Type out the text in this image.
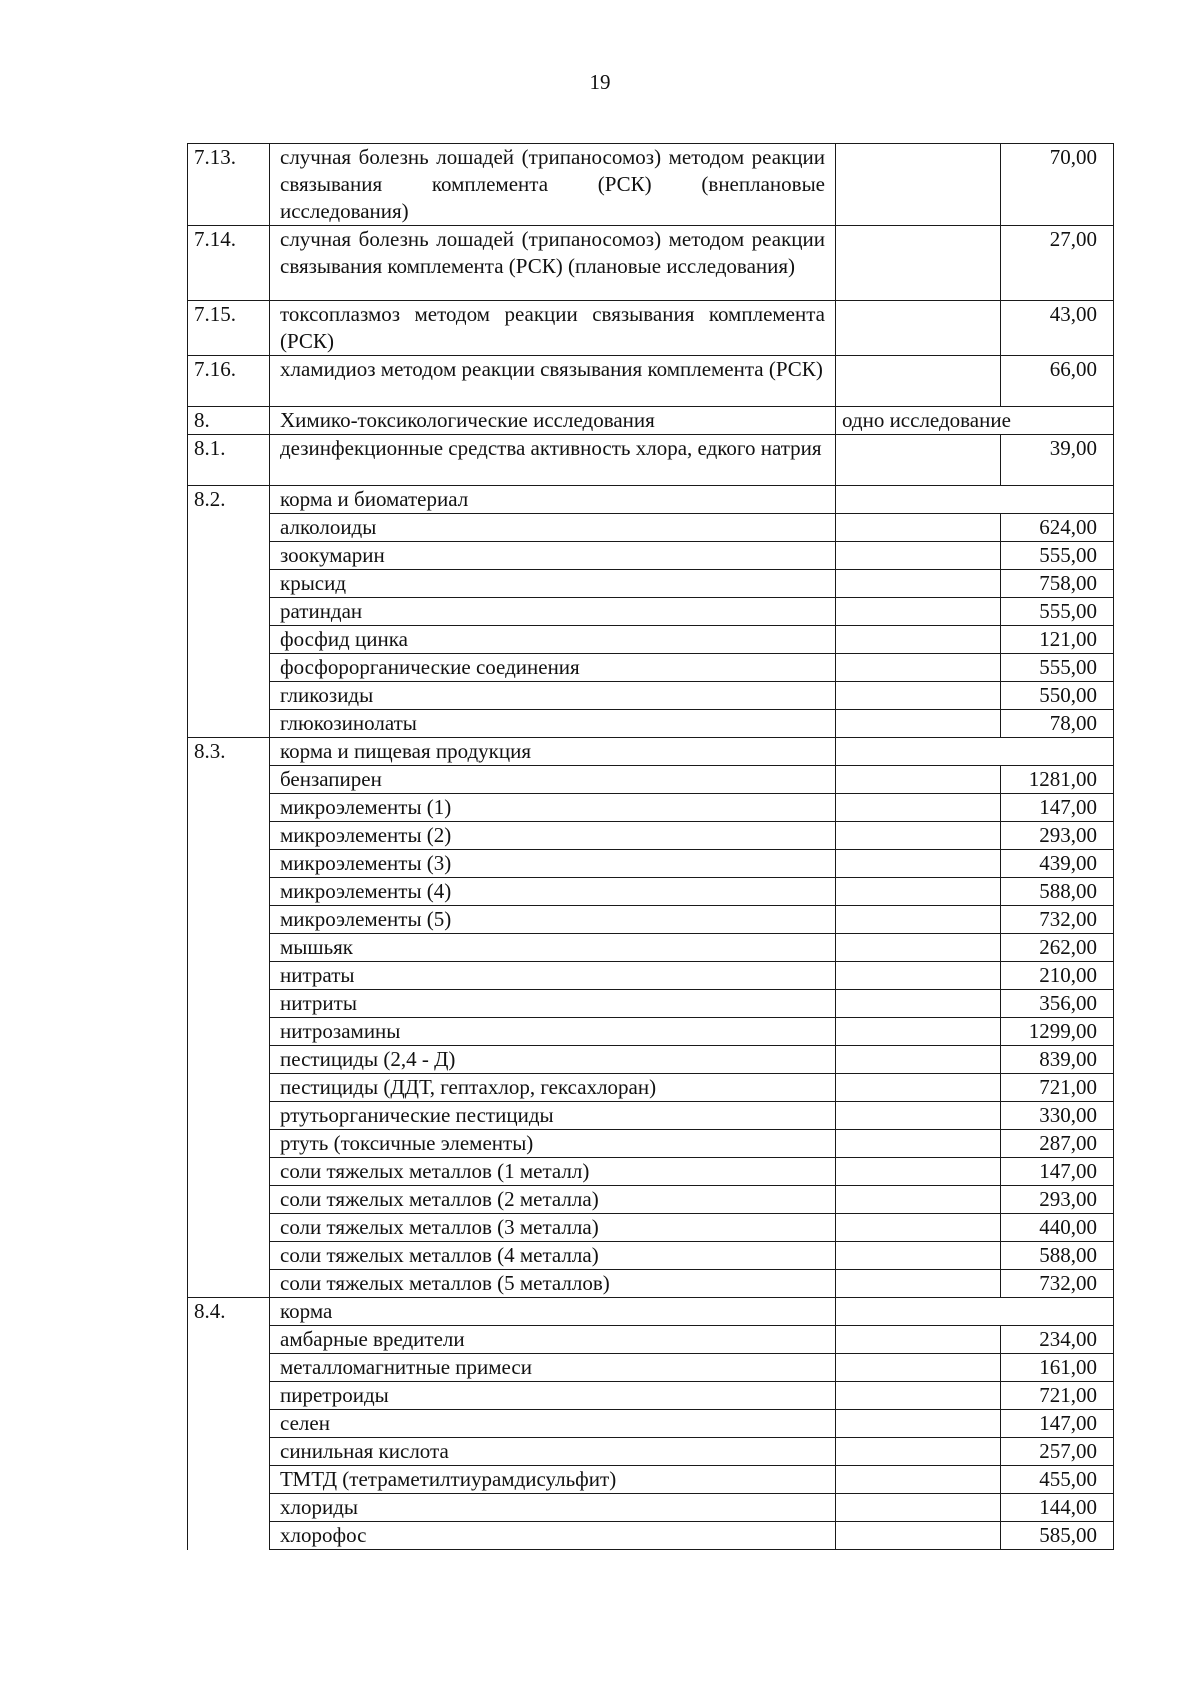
19
7.13.	случная болезнь лошадей (трипаносомоз) методом реакции связывания комплемента (РСК) (внеплановые исследования)		70,00
7.14.	случная болезнь лошадей (трипаносомоз) методом реакции связывания комплемента (РСК) (плановые исследования)		27,00
7.15.	токсоплазмоз методом реакции связывания комплемента (РСК)		43,00
7.16.	хламидиоз методом реакции связывания комплемента (РСК)		66,00
8.	Химико-токсикологические исследования	одно исследование	
8.1.	дезинфекционные средства активность хлора, едкого натрия		39,00
8.2.	корма и биоматериал		
	алколоиды		624,00
	зоокумарин		555,00
	крысид		758,00
	ратиндан		555,00
	фосфид цинка		121,00
	фосфорорганические соединения		555,00
	гликозиды		550,00
	глюкозинолаты		78,00
8.3.	корма и пищевая продукция		
	бензапирен		1281,00
	микроэлементы (1)		147,00
	микроэлементы (2)		293,00
	микроэлементы (3)		439,00
	микроэлементы (4)		588,00
	микроэлементы (5)		732,00
	мышьяк		262,00
	нитраты		210,00
	нитриты		356,00
	нитрозамины		1299,00
	пестициды (2,4 - Д)		839,00
	пестициды (ДДТ, гептахлор, гексахлоран)		721,00
	ртутьорганические пестициды		330,00
	ртуть (токсичные элементы)		287,00
	соли тяжелых металлов (1 металл)		147,00
	соли тяжелых металлов (2 металла)		293,00
	соли тяжелых металлов (3 металла)		440,00
	соли тяжелых металлов (4 металла)		588,00
	соли тяжелых металлов (5 металлов)		732,00
8.4.	корма		
	амбарные вредители		234,00
	металломагнитные примеси		161,00
	пиретроиды		721,00
	селен		147,00
	синильная кислота		257,00
	ТМТД (тетраметилтиурамдисульфит)		455,00
	хлориды		144,00
	хлорофос		585,00
